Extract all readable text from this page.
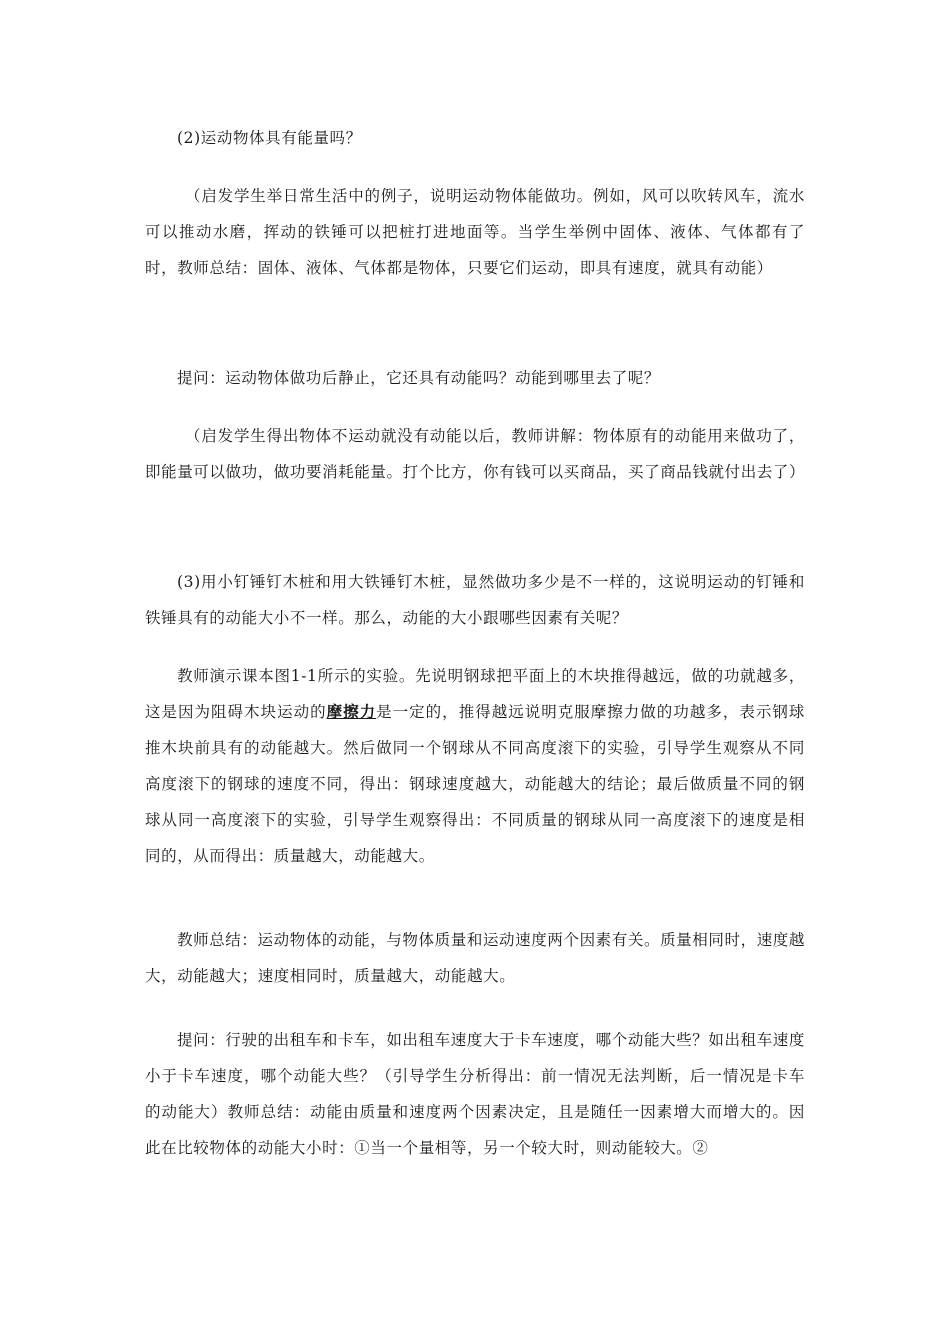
(2)运动物体具有能量吗？

（启发学生举日常生活中的例子，说明运动物体能做功。例如，风可以吹转风车，流水可以推动水磨，挥动的铁锤可以把桩打进地面等。当学生举例中固体、液体、气体都有了时，教师总结：固体、液体、气体都是物体，只要它们运动，即具有速度，就具有动能）

提问：运动物体做功后静止，它还具有动能吗？动能到哪里去了呢？

（启发学生得出物体不运动就没有动能以后，教师讲解：物体原有的动能用来做功了，即能量可以做功，做功要消耗能量。打个比方，你有钱可以买商品，买了商品钱就付出去了）

(3)用小钉锤钉木桩和用大铁锤钉木桩，显然做功多少是不一样的，这说明运动的钉锤和铁锤具有的动能大小不一样。那么，动能的大小跟哪些因素有关呢？

教师演示课本图1-1所示的实验。先说明钢球把平面上的木块推得越远，做的功就越多，这是因为阻碍木块运动的摩擦力是一定的，推得越远说明克服摩擦力做的功越多，表示钢球推木块前具有的动能越大。然后做同一个钢球从不同高度滚下的实验，引导学生观察从不同高度滚下的钢球的速度不同，得出：钢球速度越大，动能越大的结论；最后做质量不同的钢球从同一高度滚下的实验，引导学生观察得出：不同质量的钢球从同一高度滚下的速度是相同的，从而得出：质量越大，动能越大。

教师总结：运动物体的动能，与物体质量和运动速度两个因素有关。质量相同时，速度越大，动能越大；速度相同时，质量越大，动能越大。

提问：行驶的出租车和卡车，如出租车速度大于卡车速度，哪个动能大些？如出租车速度小于卡车速度，哪个动能大些？（引导学生分析得出：前一情况无法判断，后一情况是卡车的动能大）教师总结：动能由质量和速度两个因素决定，且是随任一因素增大而增大的。因此在比较物体的动能大小时：①当一个量相等，另一个较大时，则动能较大。②
